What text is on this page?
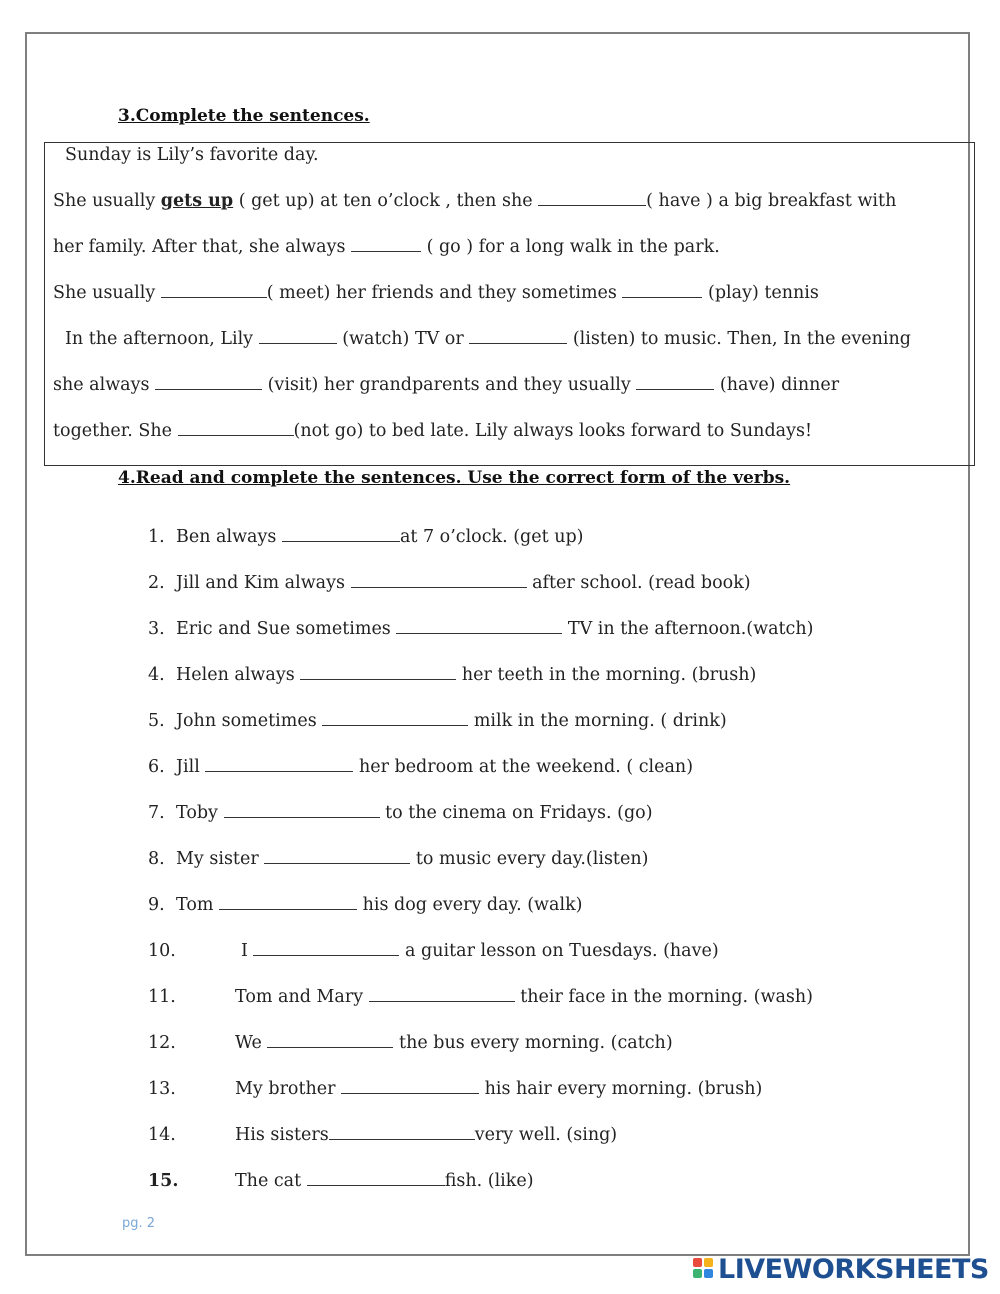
3.Complete the sentences.
Sunday is Lily’s favorite day.
She usually gets up ( get up) at ten o’clock , then she	( have ) a big breakfast with
her family. After that, she always	( go ) for a long walk in the park.
She usually	( meet) her friends and they sometimes	(play) tennis
In the afternoon, Lily	(watch) TV or	(listen) to music. Then, In the evening
she always	(visit) her grandparents and they usually	(have) dinner
together. She	(not go) to bed late. Lily always looks forward to Sundays!
4.Read and complete the sentences. Use the correct form of the verbs.
1. Ben always	at 7 o’clock. (get up)
2. Jill and Kim always	after school. (read book)
3. Eric and Sue sometimes	TV in the afternoon.(watch)
4. Helen always	her teeth in the morning. (brush)
5. John sometimes	milk in the morning. ( drink)
6. Jill	her bedroom at the weekend. ( clean)
7. Toby	to the cinema on Fridays. (go)
8. My sister	to music every day.(listen)
9. Tom	his dog every day. (walk)
10.	I	a guitar lesson on Tuesdays. (have)
11.	Tom and Mary	their face in the morning. (wash)
12.	We	the bus every morning. (catch)
13.	My brother	his hair every morning. (brush)
14.	His sisters	very well. (sing)
15.	The cat	fish. (like)
pg. 2
LIVEWORKSHEETS
